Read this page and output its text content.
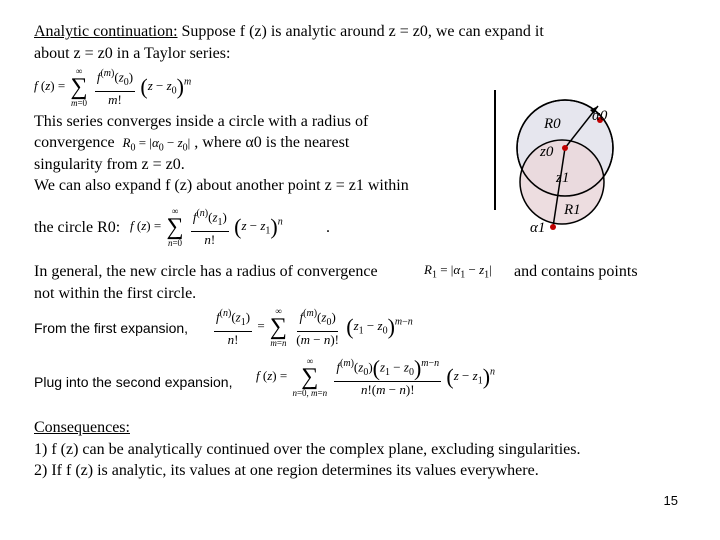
Analytic continuation: Suppose f (z) is analytic around z = z0, we can expand it
about z = z0 in a Taylor series:
f (z) =
∞
∑
m=0
$\frac{f^{(m)}(z_0)}{m!} (z - z_0)^m$
This series converges inside a circle with a radius of
convergence $R_0 = |\alpha_0 - z_0|$ , where α0 is the nearest
singularity from z = z0.
We can also expand f (z) about another point z = z1 within
the circle R0: f (z) =
∞
∑
n=0
$\frac{f^{(n)}(z_1)}{n!} (z - z_1)^n$	.
α0
R0
z0
z1
R1
α1
In general, the new circle has a radius of convergence	$R_1 = |\alpha_1 - z_1|$ and contains points
not within the first circle.
From the first expansion, $\frac{f^{(n)}(z_1)}{n!}$ =
∞
∑
m=n
$\frac{f^{(m)}(z_0)}{(m - n)!} (z_1 - z_0)^{m-n}$
Plug into the second expansion, f (z) =
∞
∑
n=0, m=n
$\frac{f^{(m)}(z_0)(z_1 - z_0)^{m-n}}{n!(m - n)!} (z - z_1)^n$
Consequences:
1) f (z) can be analytically continued over the complex plane, excluding singularities.
2) If f (z) is analytic, its values at one region determines its values everywhere.
15
